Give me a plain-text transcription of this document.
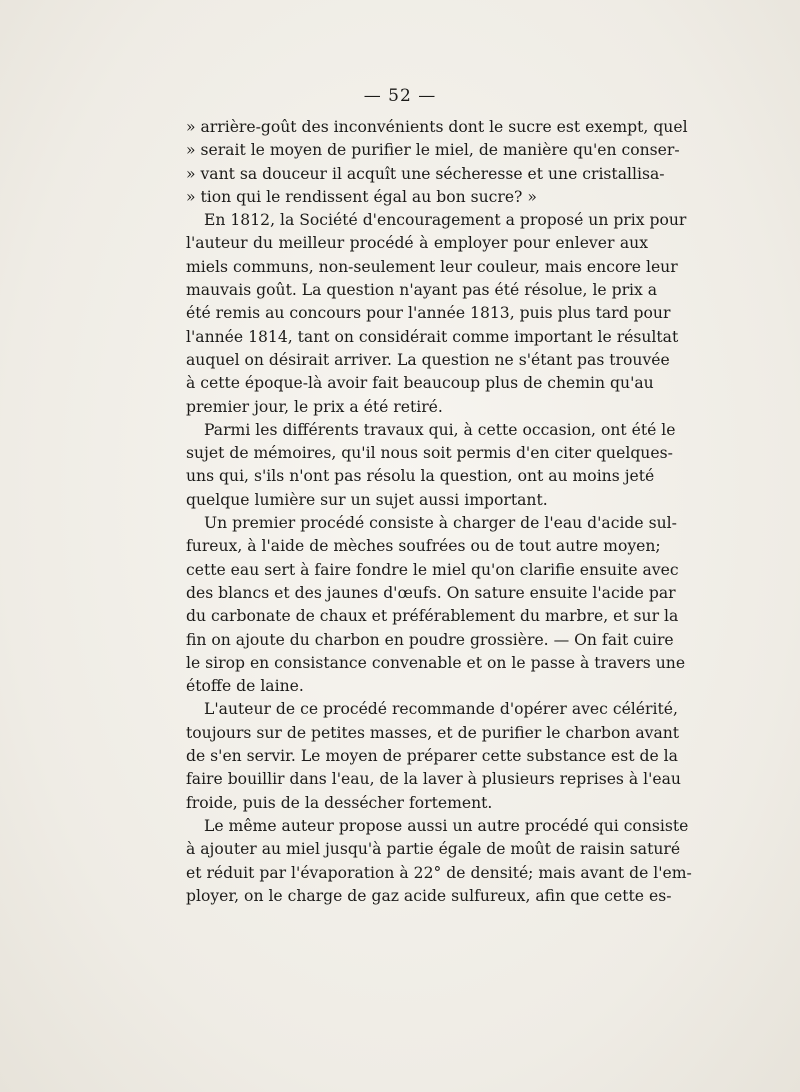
— 52 —
» arrière-goût des inconvénients dont le sucre est exempt, quel
» serait le moyen de purifier le miel, de manière qu'en conser-
» vant sa douceur il acquît une sécheresse et une cristallisa-
» tion qui le rendissent égal au bon sucre? »
En 1812, la Société d'encouragement a proposé un prix pour
l'auteur du meilleur procédé à employer pour enlever aux
miels communs, non-seulement leur couleur, mais encore leur
mauvais goût. La question n'ayant pas été résolue, le prix a
été remis au concours pour l'année 1813, puis plus tard pour
l'année 1814, tant on considérait comme important le résultat
auquel on désirait arriver. La question ne s'étant pas trouvée
à cette époque-là avoir fait beaucoup plus de chemin qu'au
premier jour, le prix a été retiré.
Parmi les différents travaux qui, à cette occasion, ont été le
sujet de mémoires, qu'il nous soit permis d'en citer quelques-
uns qui, s'ils n'ont pas résolu la question, ont au moins jeté
quelque lumière sur un sujet aussi important.
Un premier procédé consiste à charger de l'eau d'acide sul-
fureux, à l'aide de mèches soufrées ou de tout autre moyen;
cette eau sert à faire fondre le miel qu'on clarifie ensuite avec
des blancs et des jaunes d'œufs. On sature ensuite l'acide par
du carbonate de chaux et préférablement du marbre, et sur la
fin on ajoute du charbon en poudre grossière. — On fait cuire
le sirop en consistance convenable et on le passe à travers une
étoffe de laine.
L'auteur de ce procédé recommande d'opérer avec célérité,
toujours sur de petites masses, et de purifier le charbon avant
de s'en servir. Le moyen de préparer cette substance est de la
faire bouillir dans l'eau, de la laver à plusieurs reprises à l'eau
froide, puis de la dessécher fortement.
Le même auteur propose aussi un autre procédé qui consiste
à ajouter au miel jusqu'à partie égale de moût de raisin saturé
et réduit par l'évaporation à 22° de densité; mais avant de l'em-
ployer, on le charge de gaz acide sulfureux, afin que cette es-
